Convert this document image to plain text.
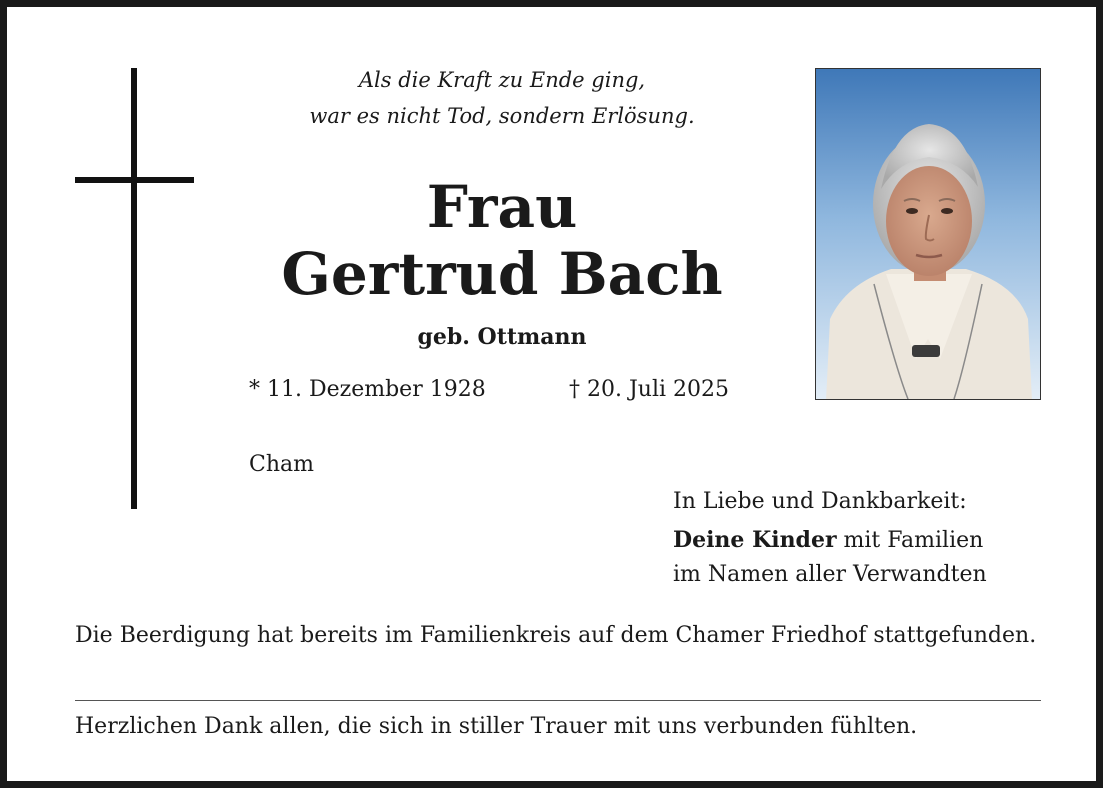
Als die Kraft zu Ende ging,
war es nicht Tod, sondern Erlösung.
Frau
Gertrud Bach
geb. Ottmann
* 11. Dezember 1928	† 20. Juli 2025
Cham
In Liebe und Dankbarkeit:
Deine Kinder mit Familien
im Namen aller Verwandten
Die Beerdigung hat bereits im Familienkreis auf dem Chamer Friedhof stattgefunden.
Herzlichen Dank allen, die sich in stiller Trauer mit uns verbunden fühlten.
